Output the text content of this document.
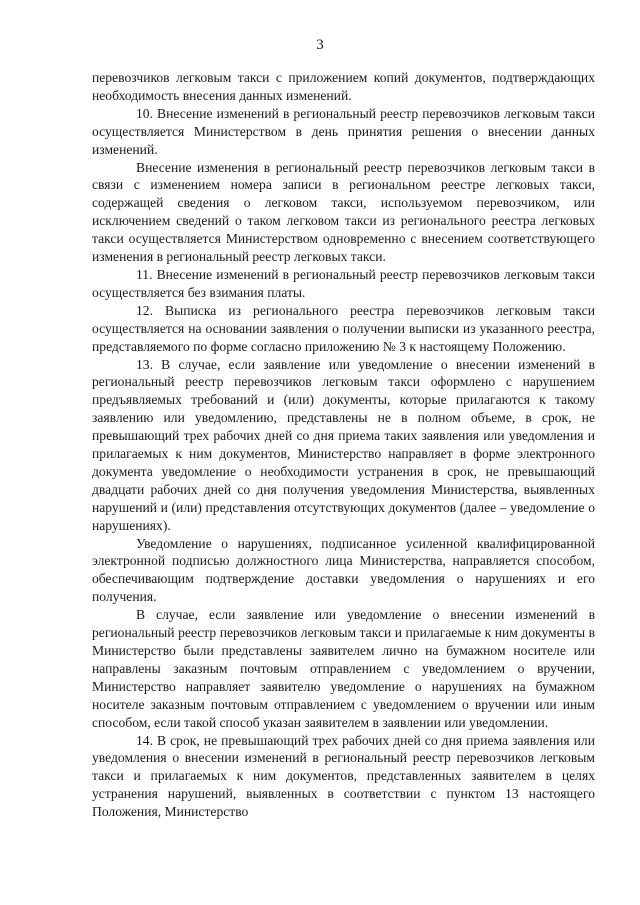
3

перевозчиков легковым такси с приложением копий документов, подтверждающих необходимость внесения данных изменений.

10. Внесение изменений в региональный реестр перевозчиков легковым такси осуществляется Министерством в день принятия решения о внесении данных изменений.

Внесение изменения в региональный реестр перевозчиков легковым такси в связи с изменением номера записи в региональном реестре легковых такси, содержащей сведения о легковом такси, используемом перевозчиком, или исключением сведений о таком легковом такси из регионального реестра легковых такси осуществляется Министерством одновременно с внесением соответствующего изменения в региональный реестр легковых такси.

11. Внесение изменений в региональный реестр перевозчиков легковым такси осуществляется без взимания платы.

12. Выписка из регионального реестра перевозчиков легковым такси осуществляется на основании заявления о получении выписки из указанного реестра, представляемого по форме согласно приложению № 3 к настоящему Положению.

13. В случае, если заявление или уведомление о внесении изменений в региональный реестр перевозчиков легковым такси оформлено с нарушением предъявляемых требований и (или) документы, которые прилагаются к такому заявлению или уведомлению, представлены не в полном объеме, в срок, не превышающий трех рабочих дней со дня приема таких заявления или уведомления и прилагаемых к ним документов, Министерство направляет в форме электронного документа уведомление о необходимости устранения в срок, не превышающий двадцати рабочих дней со дня получения уведомления Министерства, выявленных нарушений и (или) представления отсутствующих документов (далее – уведомление о нарушениях).

Уведомление о нарушениях, подписанное усиленной квалифицированной электронной подписью должностного лица Министерства, направляется способом, обеспечивающим подтверждение доставки уведомления о нарушениях и его получения.

В случае, если заявление или уведомление о внесении изменений в региональный реестр перевозчиков легковым такси и прилагаемые к ним документы в Министерство были представлены заявителем лично на бумажном носителе или направлены заказным почтовым отправлением с уведомлением о вручении, Министерство направляет заявителю уведомление о нарушениях на бумажном носителе заказным почтовым отправлением с уведомлением о вручении или иным способом, если такой способ указан заявителем в заявлении или уведомлении.

14. В срок, не превышающий трех рабочих дней со дня приема заявления или уведомления о внесении изменений в региональный реестр перевозчиков легковым такси и прилагаемых к ним документов, представленных заявителем в целях устранения нарушений, выявленных в соответствии с пунктом 13 настоящего Положения, Министерство
